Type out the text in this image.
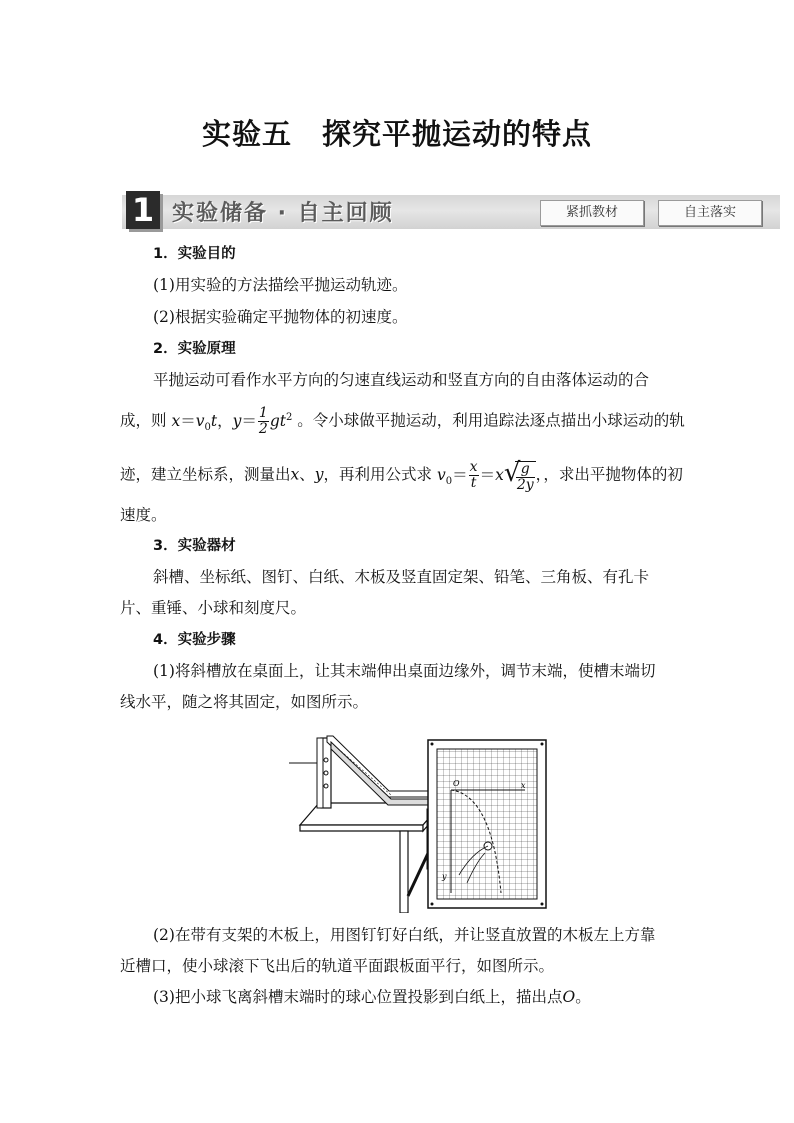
实验五 探究平抛运动的特点
1 实验储备 · 自主回顾	紧抓教材	自主落实
1．实验目的
(1)用实验的方法描绘平抛运动轨迹。
(2)根据实验确定平抛物体的初速度。
2．实验原理
平抛运动可看作水平方向的匀速直线运动和竖直方向的自由落体运动的合
成，则 $x=v_0t$，$y= \frac{1}{2} gt^2$ 。令小球做平抛运动，利用追踪法逐点描出小球运动的轨
迹，建立坐标系，测量出x、y，再利用公式求 $v_0= \frac{x}{t} =x$ √
$\frac{g}{2y}$ ，，求出平抛物体的初
速度。
3．实验器材
斜槽、坐标纸、图钉、白纸、木板及竖直固定架、铅笔、三角板、有孔卡
片、重锤、小球和刻度尺。
4．实验步骤
(1)将斜槽放在桌面上，让其末端伸出桌面边缘外，调节末端，使槽末端切
线水平，随之将其固定，如图所示。
O	x
y
(2)在带有支架的木板上，用图钉钉好白纸，并让竖直放置的木板左上方靠
近槽口，使小球滚下飞出后的轨道平面跟板面平行，如图所示。
(3)把小球飞离斜槽末端时的球心位置投影到白纸上，描出点O。
